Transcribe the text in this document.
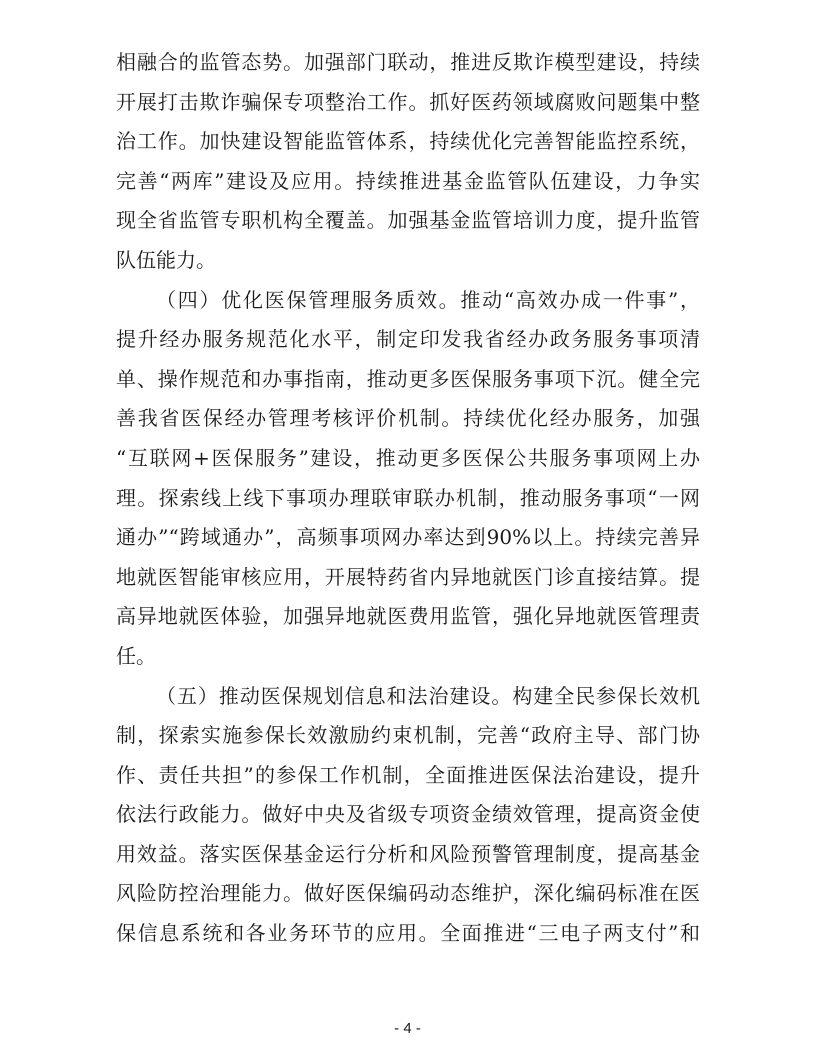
相融合的监管态势。加强部门联动，推进反欺诈模型建设，持续
开展打击欺诈骗保专项整治工作。抓好医药领域腐败问题集中整
治工作。加快建设智能监管体系，持续优化完善智能监控系统，
完善“两库”建设及应用。持续推进基金监管队伍建设，力争实
现全省监管专职机构全覆盖。加强基金监管培训力度，提升监管
队伍能力。
（四）优化医保管理服务质效。推动“高效办成一件事”，
提升经办服务规范化水平，制定印发我省经办政务服务事项清
单、操作规范和办事指南，推动更多医保服务事项下沉。健全完
善我省医保经办管理考核评价机制。持续优化经办服务，加强
“互联网+医保服务”建设，推动更多医保公共服务事项网上办
理。探索线上线下事项办理联审联办机制，推动服务事项“一网
通办”“跨域通办”，高频事项网办率达到90%以上。持续完善异
地就医智能审核应用，开展特药省内异地就医门诊直接结算。提
高异地就医体验，加强异地就医费用监管，强化异地就医管理责
任。
（五）推动医保规划信息和法治建设。构建全民参保长效机
制，探索实施参保长效激励约束机制，完善“政府主导、部门协
作、责任共担”的参保工作机制，全面推进医保法治建设，提升
依法行政能力。做好中央及省级专项资金绩效管理，提高资金使
用效益。落实医保基金运行分析和风险预警管理制度，提高基金
风险防控治理能力。做好医保编码动态维护，深化编码标准在医
保信息系统和各业务环节的应用。全面推进“三电子两支付”和
- 4 -
